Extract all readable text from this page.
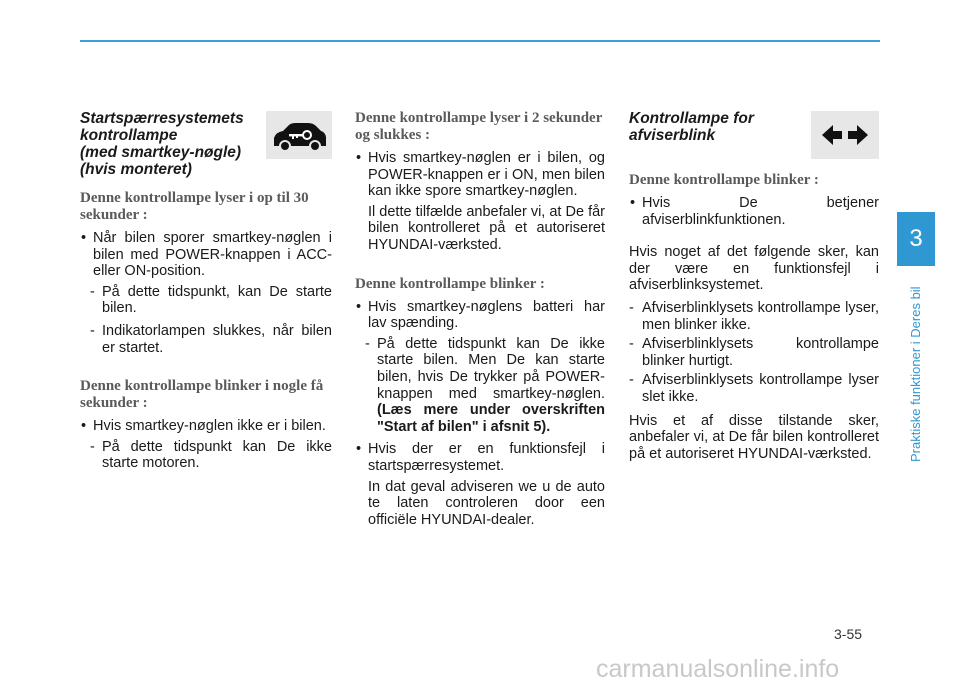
Startspærresystemets
kontrollampe
(med smartkey-nøgle)
(hvis monteret)

Denne kontrollampe lyser i op til 30 sekunder :

• Når bilen sporer smartkey-nøglen i bilen med POWER-knappen i ACC- eller ON-position.
- På dette tidspunkt, kan De starte bilen.
- Indikatorlampen slukkes, når bilen er startet.

Denne kontrollampe blinker i nogle få sekunder :

• Hvis smartkey-nøglen ikke er i bilen.
- På dette tidspunkt kan De ikke starte motoren.

Denne kontrollampe lyser i 2 sekunder og slukkes :

• Hvis smartkey-nøglen er i bilen, og POWER-knappen er i ON, men bilen kan ikke spore smartkey-nøglen.

Il dette tilfælde anbefaler vi, at De får bilen kontrolleret på et autoriseret HYUNDAI-værksted.

Denne kontrollampe blinker :

• Hvis smartkey-nøglens batteri har lav spænding.
- På dette tidspunkt kan De ikke starte bilen. Men De kan starte bilen, hvis De trykker på POWER-knappen med smartkey-nøglen. (Læs mere under overskriften "Start af bilen" i afsnit 5).
• Hvis der er en funktionsfejl i startspærresystemet.

In dat geval adviseren we u de auto te laten controleren door een officiële HYUNDAI-dealer.

Kontrollampe for
afviserblink

Denne kontrollampe blinker :

• Hvis De betjener afviserblinkfunktionen.

Hvis noget af det følgende sker, kan der være en funktionsfejl i afviserblinksystemet.

- Afviserblinklysets kontrollampe lyser, men blinker ikke.
- Afviserblinklysets kontrollampe blinker hurtigt.
- Afviserblinklysets kontrollampe lyser slet ikke.

Hvis et af disse tilstande sker, anbefaler vi, at De får bilen kontrolleret på et autoriseret HYUNDAI-værksted.

3
Praktiske funktioner i Deres bil
3-55
carmanualsonline.info
